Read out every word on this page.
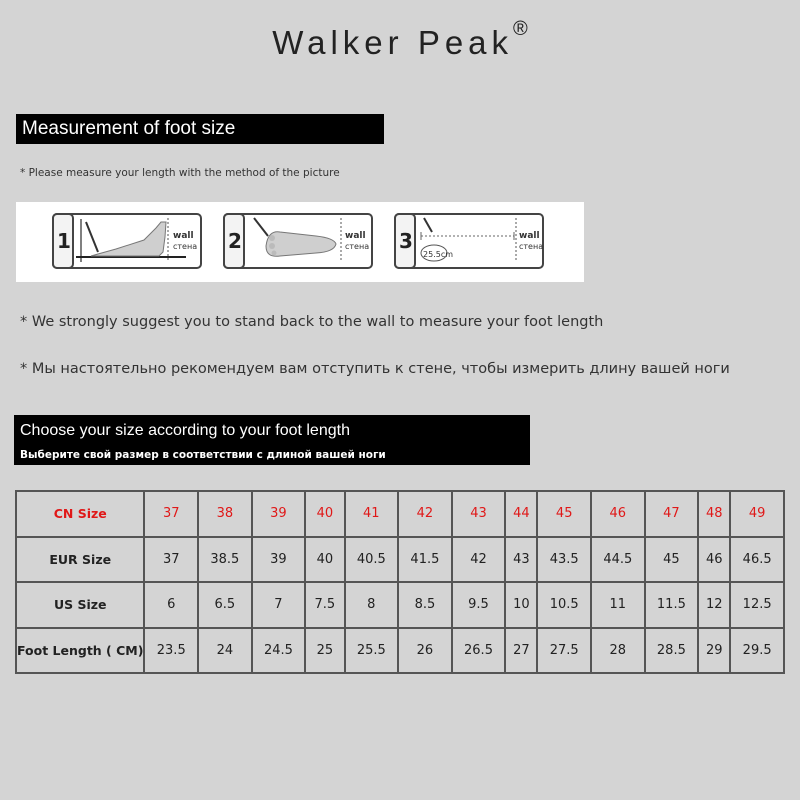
Walker Peak®
Measurement of foot size
* Please measure your length with the method of the picture
1	wall
стена 2	wall
стена 3
25.5cm
wall
стена
* We strongly suggest you to stand back to the wall to measure your foot length
* Мы настоятельно рекомендуем вам отступить к стене, чтобы измерить длину вашей ноги
Choose your size according to your foot length
Выберите свой размер в соответствии с длиной вашей ноги
CN Size	37	38	39	40	41	42	43	44	45	46	47	48	49
EUR Size	37	38.5	39	40	40.5	41.5	42	43	43.5	44.5	45	46	46.5
US Size	6	6.5	7	7.5	8	8.5	9.5	10	10.5	11	11.5	12	12.5
Foot Length ( CM)	23.5	24	24.5	25	25.5	26	26.5	27	27.5	28	28.5	29	29.5
